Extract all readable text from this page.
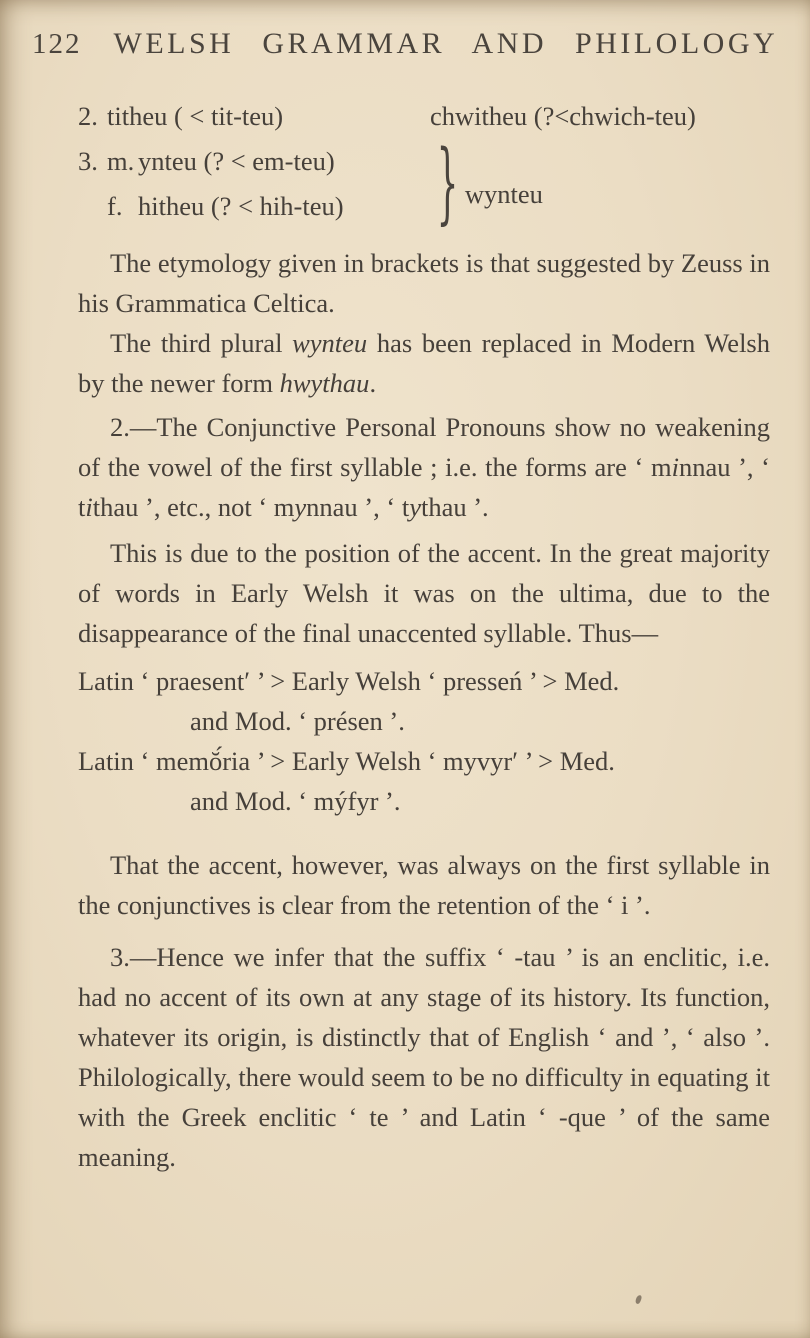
122 WELSH GRAMMAR AND PHILOLOGY
2. titheu ( < tit-teu)	chwitheu (?<chwich-teu)
3. m. ynteu (? < em-teu)
f. hitheu (? < hih-teu)	} wynteu

The etymology given in brackets is that suggested by Zeuss in his Grammatica Celtica.

The third plural wynteu has been replaced in Modern Welsh by the newer form hwythau.

2.—The Conjunctive Personal Pronouns show no weakening of the vowel of the first syllable ; i.e. the forms are ‘ minnau ’, ‘ tithau ’, etc., not ‘ mynnau ’, ‘ tythau ’.

This is due to the position of the accent. In the great majority of words in Early Welsh it was on the ultima, due to the disappearance of the final unaccented syllable. Thus—

Latin ‘ praesent′ ’ > Early Welsh ‘ presseń ’ > Med.
and Mod. ‘ présen ’.
Latin ‘ memŏ́ria ’ > Early Welsh ‘ myvyr′ ’ > Med.
and Mod. ‘ mýfyr ’.

That the accent, however, was always on the first syllable in the conjunctives is clear from the retention of the ‘ i ’.

3.—Hence we infer that the suffix ‘ -tau ’ is an enclitic, i.e. had no accent of its own at any stage of its history. Its function, whatever its origin, is distinctly that of English ‘ and ’, ‘ also ’. Philologically, there would seem to be no difficulty in equating it with the Greek enclitic ‘ te ’ and Latin ‘ -que ’ of the same meaning.
